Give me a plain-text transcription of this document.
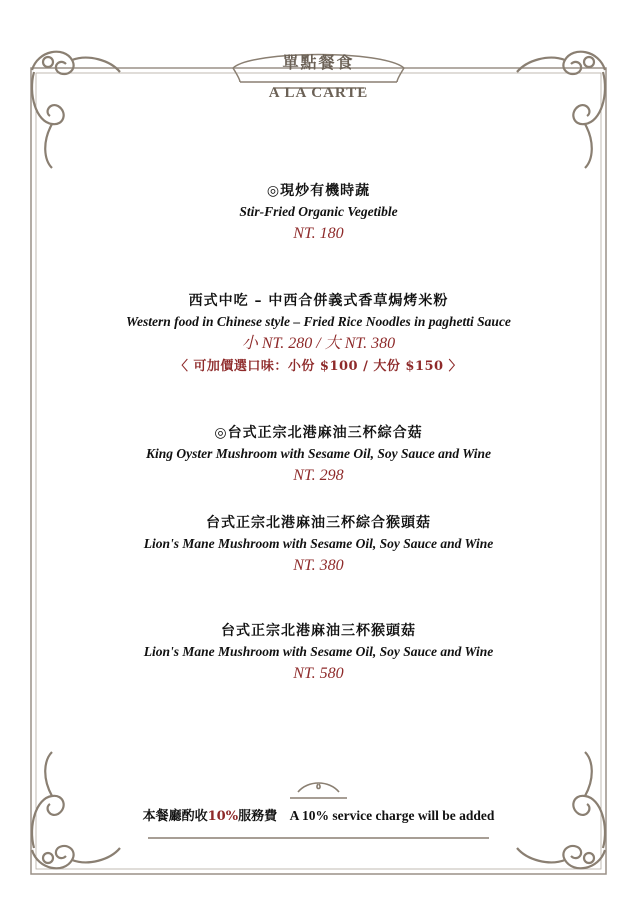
單點餐食
A LA CARTE
◎現炒有機時蔬
Stir-Fried Organic Vegetible
NT. 180
西式中吃 – 中西合併義式香草焗烤米粉
Western food in Chinese style – Fried Rice Noodles in paghetti Sauce
小 NT. 280 / 大 NT. 380
〈 可加價選口味：小份 $100 / 大份 $150 〉
◎台式正宗北港麻油三杯綜合菇
King Oyster Mushroom with Sesame Oil, Soy Sauce and Wine
NT. 298
台式正宗北港麻油三杯綜合猴頭菇
Lion's Mane Mushroom with Sesame Oil, Soy Sauce and Wine
NT. 380
台式正宗北港麻油三杯猴頭菇
Lion's Mane Mushroom with Sesame Oil, Soy Sauce and Wine
NT. 580
本餐廳酌收10%服務費 A 10% service charge will be added
